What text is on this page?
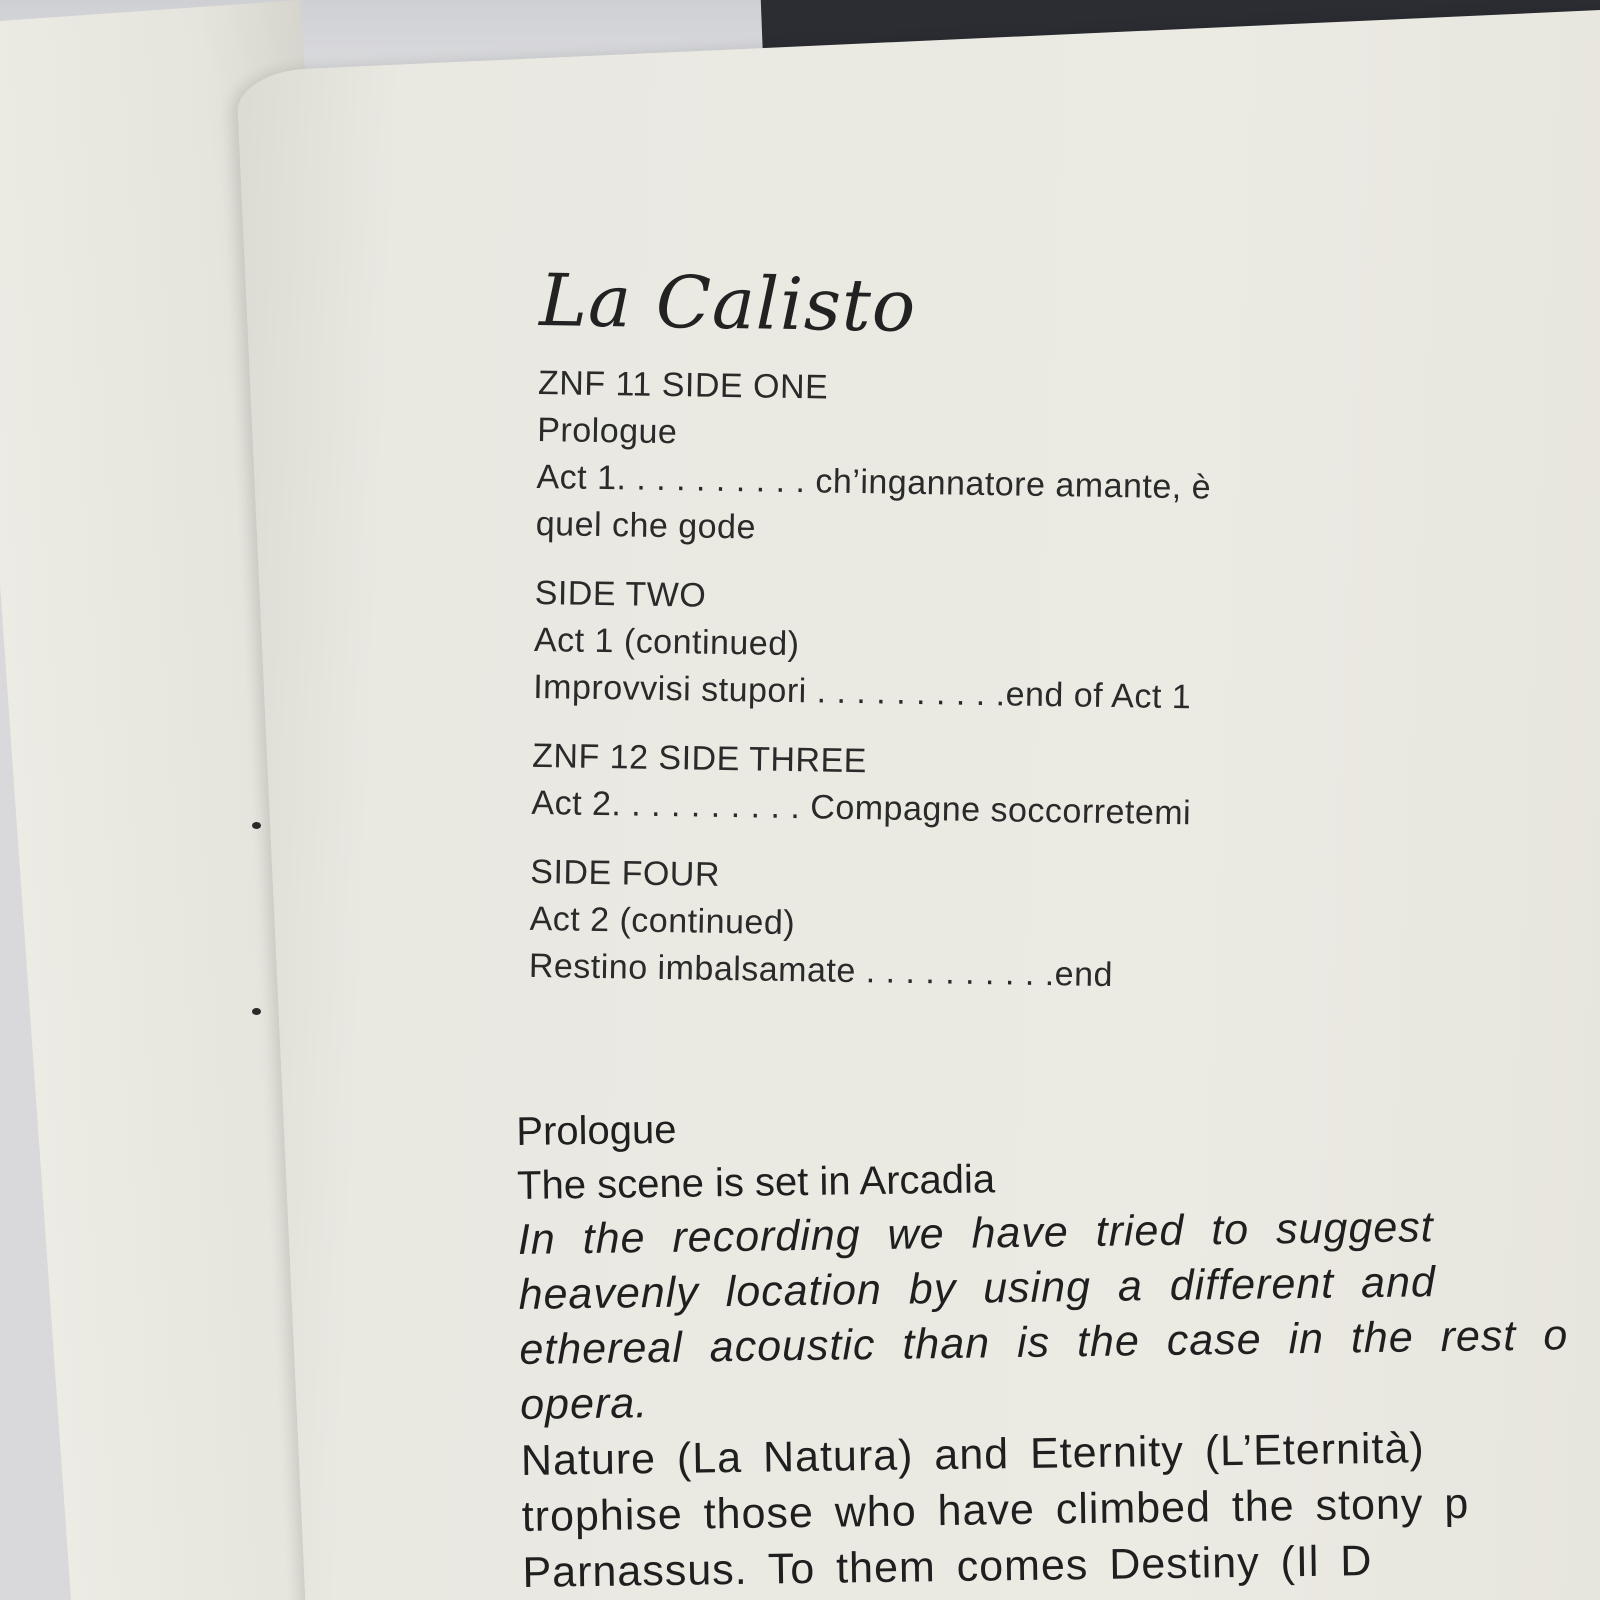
La Calisto
ZNF 11 SIDE ONE
Prologue
Act 1. . . . . . . . . . ch’ingannatore amante, è
quel che gode
SIDE TWO
Act 1 (continued)
Improvvisi stupori . . . . . . . . . .end of Act 1
ZNF 12 SIDE THREE
Act 2. . . . . . . . . . Compagne soccorretemi
SIDE FOUR
Act 2 (continued)
Restino imbalsamate . . . . . . . . . .end
Prologue
The scene is set in Arcadia
In the recording we have tried to suggest
heavenly location by using a different and
ethereal acoustic than is the case in the rest o
opera.
Nature (La Natura) and Eternity (L’Eternità)
trophise those who have climbed the stony p
Parnassus. To them comes Destiny (Il D
